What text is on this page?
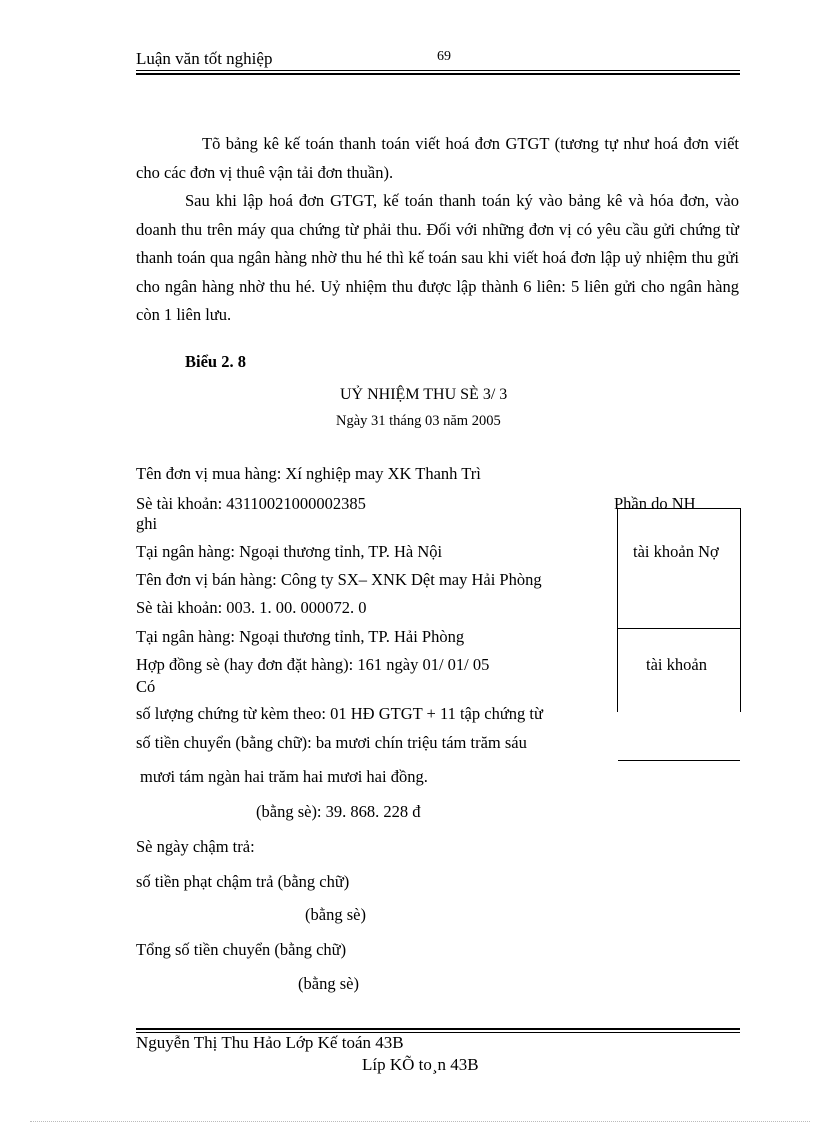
Luận văn tốt nghiệp	69
Tõ bảng kê kế toán thanh toán viết hoá đơn GTGT (tương tự như hoá đơn viết cho các đơn vị thuê vận tải đơn thuần).
Sau khi lập hoá đơn GTGT, kế toán thanh toán ký vào bảng kê và hóa đơn, vào doanh thu trên máy qua chứng từ phải thu. Đối với những đơn vị có yêu cầu gửi chứng từ thanh toán qua ngân hàng nhờ thu hé thì kế toán sau khi viết hoá đơn lập uỷ nhiệm thu gửi cho ngân hàng nhờ thu hé. Uỷ nhiệm thu được lập thành 6 liên: 5 liên gửi cho ngân hàng còn 1 liên lưu.
Biểu 2. 8
UỶ NHIỆM THU SÈ 3/ 3
Ngày 31 tháng 03 năm 2005
Tên đơn vị mua hàng: Xí nghiệp may XK Thanh Trì
Sè tài khoản: 43110021000002385
ghi
Tại ngân hàng: Ngoại thương tỉnh, TP. Hà Nội
Tên đơn vị bán hàng: Công ty SX– XNK Dệt may Hải Phòng
Sè tài khoản: 003. 1. 00. 000072. 0
Tại ngân hàng: Ngoại thương tỉnh, TP. Hải Phòng
Hợp đồng sè (hay đơn đặt hàng): 161 ngày 01/ 01/ 05
Có
số lượng chứng từ kèm theo: 01 HĐ GTGT + 11 tập chứng từ
số tiền chuyển (bằng chữ): ba mươi chín triệu tám trăm sáu
mươi tám ngàn hai trăm hai mươi hai đồng.
(bằng sè): 39. 868. 228 đ
Sè ngày chậm trả:
số tiền phạt chậm trả (bằng chữ)
(bằng sè)
Tổng số tiền chuyển (bằng chữ)
(bằng sè)
Phần do NH
tài khoản Nợ
tài khoản
Nguyễn Thị Thu Hảo Lớp Kế toán 43B
Líp KÕ to¸n 43B
